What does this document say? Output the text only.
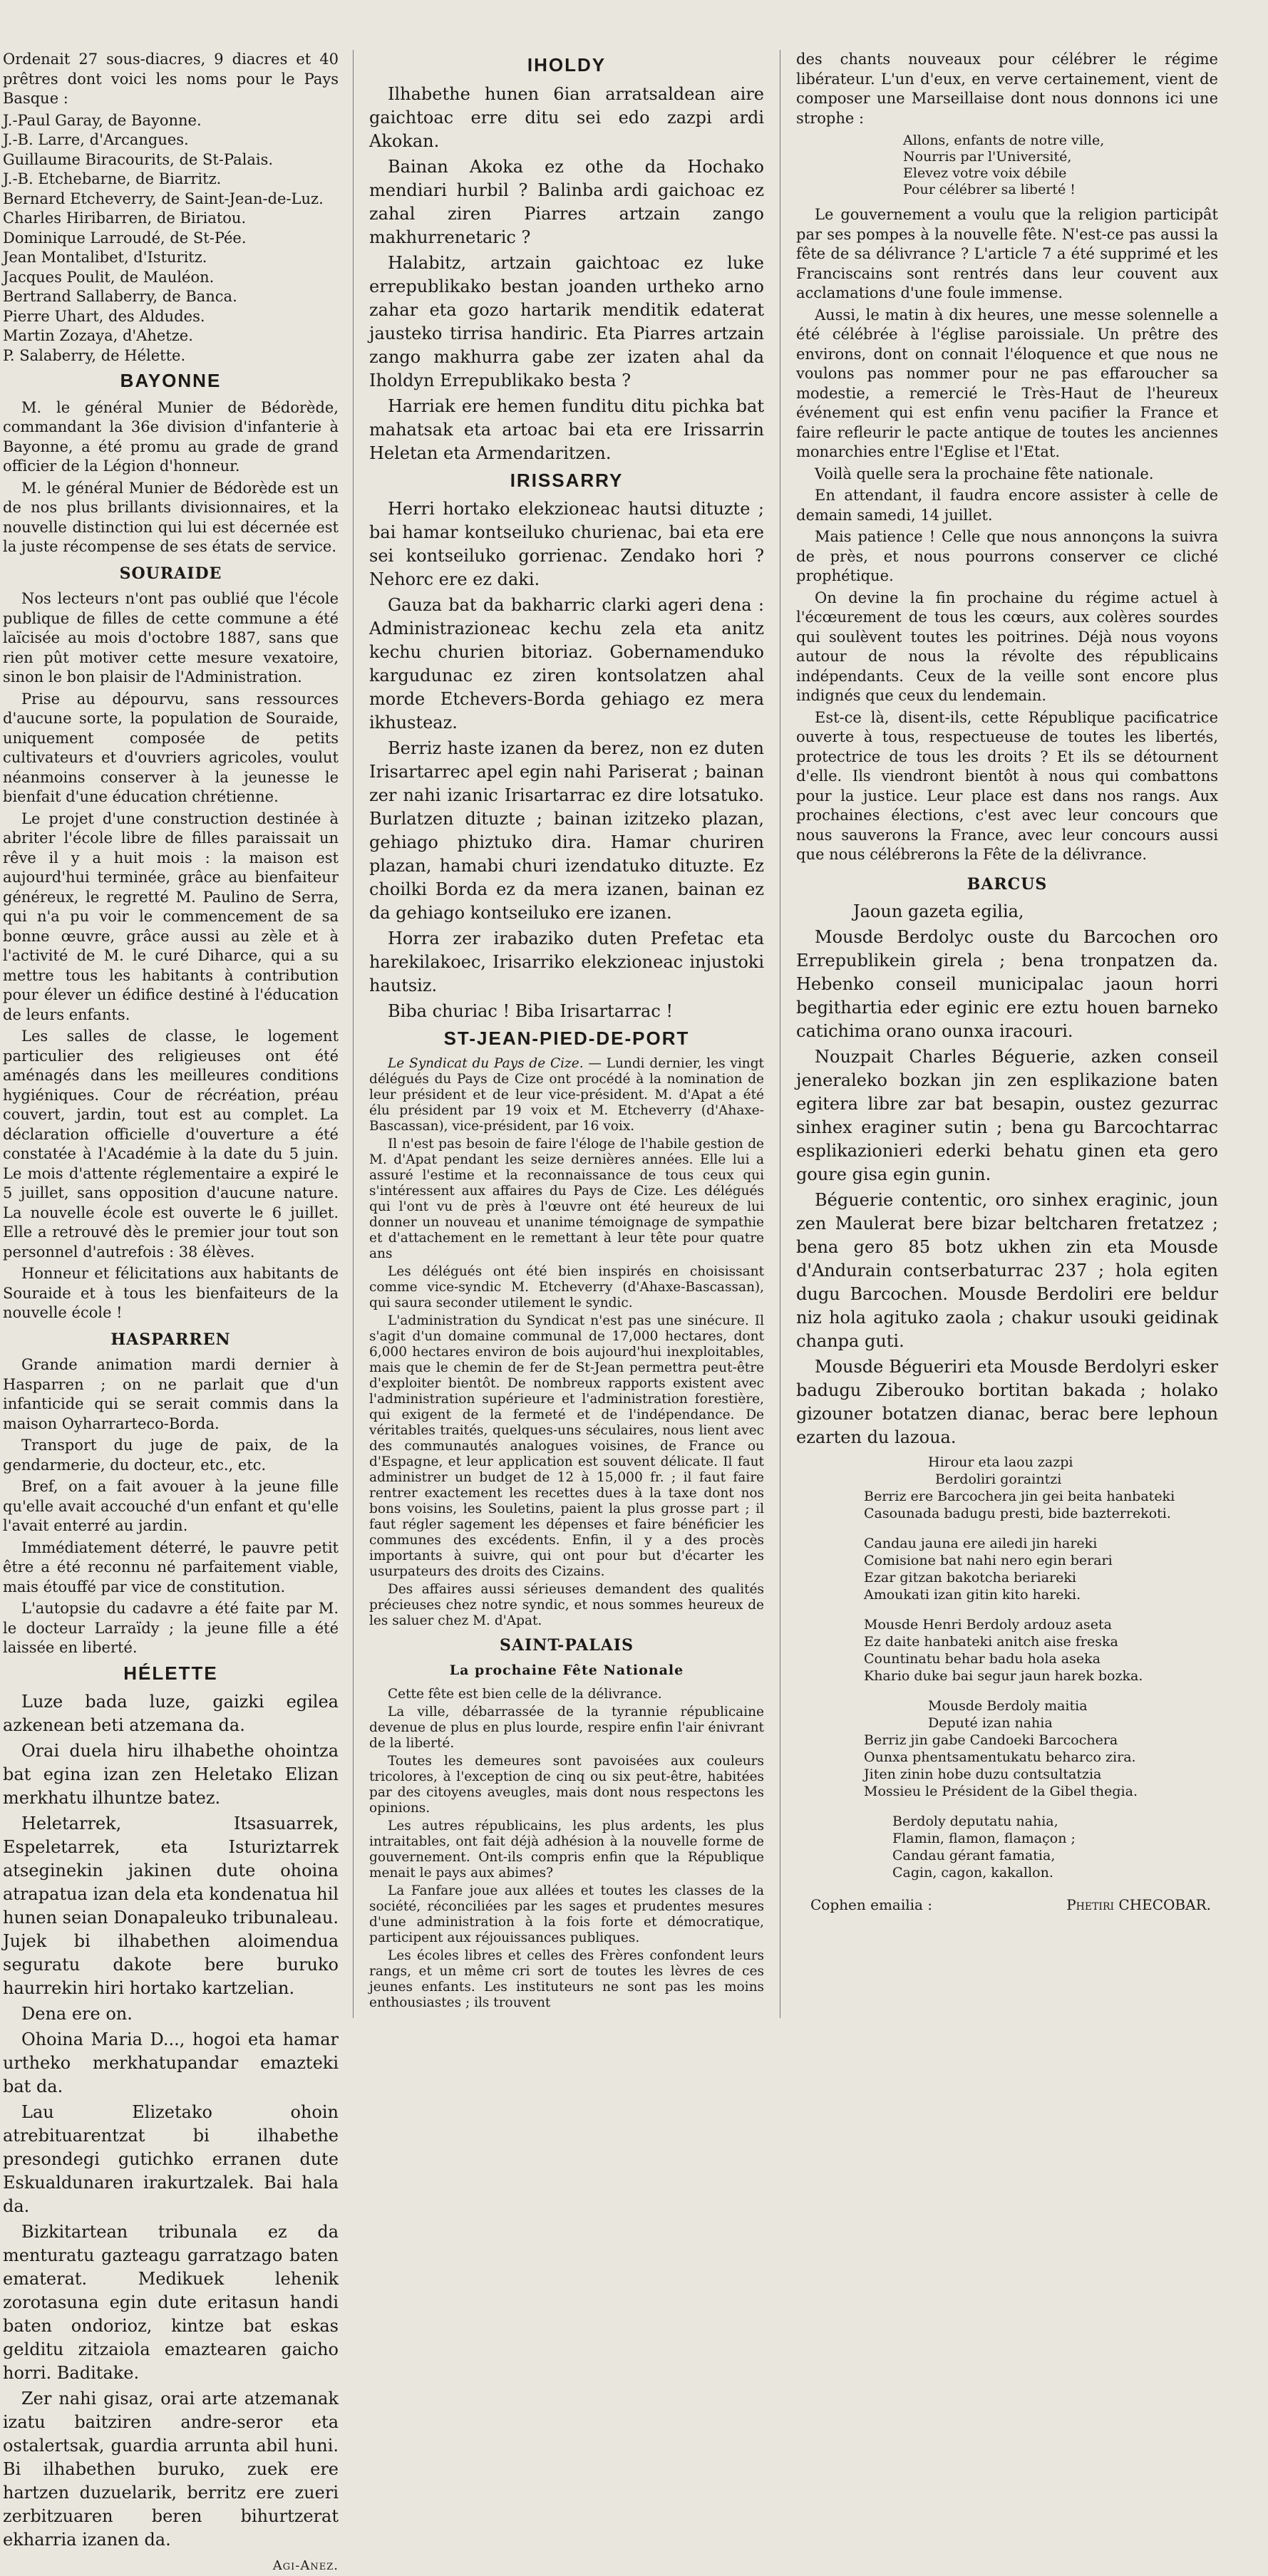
Ordenait 27 sous-diacres, 9 diacres et 40 prêtres dont voici les noms pour le Pays Basque :

J.-Paul Garay, de Bayonne.
J.-B. Larre, d'Arcangues.
Guillaume Biracourits, de St-Palais.
J.-B. Etchebarne, de Biarritz.
Bernard Etcheverry, de Saint-Jean-de-Luz.
Charles Hiribarren, de Biriatou.
Dominique Larroudé, de St-Pée.
Jean Montalibet, d'Isturitz.
Jacques Poulit, de Mauléon.
Bertrand Sallaberry, de Banca.
Pierre Uhart, des Aldudes.
Martin Zozaya, d'Ahetze.
P. Salaberry, de Hélette.
BAYONNE

M. le général Munier de Bédorède, commandant la 36e division d'infanterie à Bayonne, a été promu au grade de grand officier de la Légion d'honneur.

M. le général Munier de Bédorède est un de nos plus brillants divisionnaires, et la nouvelle distinction qui lui est décernée est la juste récompense de ses états de service.

SOURAIDE

Nos lecteurs n'ont pas oublié que l'école publique de filles de cette commune a été laïcisée au mois d'octobre 1887, sans que rien pût motiver cette mesure vexatoire, sinon le bon plaisir de l'Administration.

Prise au dépourvu, sans ressources d'aucune sorte, la population de Souraide, uniquement composée de petits cultivateurs et d'ouvriers agricoles, voulut néanmoins conserver à la jeunesse le bienfait d'une éducation chrétienne.

Le projet d'une construction destinée à abriter l'école libre de filles paraissait un rêve il y a huit mois : la maison est aujourd'hui terminée, grâce au bienfaiteur généreux, le regretté M. Paulino de Serra, qui n'a pu voir le commencement de sa bonne œuvre, grâce aussi au zèle et à l'activité de M. le curé Diharce, qui a su mettre tous les habitants à contribution pour élever un édifice destiné à l'éducation de leurs enfants.

Les salles de classe, le logement particulier des religieuses ont été aménagés dans les meilleures conditions hygiéniques. Cour de récréation, préau couvert, jardin, tout est au complet. La déclaration officielle d'ouverture a été constatée à l'Académie à la date du 5 juin. Le mois d'attente réglementaire a expiré le 5 juillet, sans opposition d'aucune nature. La nouvelle école est ouverte le 6 juillet. Elle a retrouvé dès le premier jour tout son personnel d'autrefois : 38 élèves.

Honneur et félicitations aux habitants de Souraide et à tous les bienfaiteurs de la nouvelle école !

HASPARREN

Grande animation mardi dernier à Hasparren ; on ne parlait que d'un infanticide qui se serait commis dans la maison Oyharrarteco-Borda.

Transport du juge de paix, de la gendarmerie, du docteur, etc., etc.

Bref, on a fait avouer à la jeune fille qu'elle avait accouché d'un enfant et qu'elle l'avait enterré au jardin.

Immédiatement déterré, le pauvre petit être a été reconnu né parfaitement viable, mais étouffé par vice de constitution.

L'autopsie du cadavre a été faite par M. le docteur Larraïdy ; la jeune fille a été laissée en liberté.

HÉLETTE

Luze bada luze, gaizki egilea azkenean beti atzemana da.

Orai duela hiru ilhabethe ohointza bat egina izan zen Heletako Elizan merkhatu ilhuntze batez.

Heletarrek, Itsasuarrek, Espeletarrek, eta Isturiztarrek atseginekin jakinen dute ohoina atrapatua izan dela eta kondenatua hil hunen seian Donapaleuko tribunaleau. Jujek bi ilhabethen aloimendua seguratu dakote bere buruko haurrekin hiri hortako kartzelian.

Dena ere on.

Ohoina Maria D..., hogoi eta hamar urtheko merkhatupandar emazteki bat da.

Lau Elizetako ohoin atrebituarentzat bi ilhabethe presondegi gutichko erranen dute Eskualdunaren irakurtzalek. Bai hala da.

Bizkitartean tribunala ez da menturatu gazteagu garratzago baten ematerat. Medikuek lehenik zorotasuna egin dute eritasun handi baten ondorioz, kintze bat eskas gelditu zitzaiola emaztearen gaicho horri. Baditake.

Zer nahi gisaz, orai arte atzemanak izatu baitziren andre-seror eta ostalertsak, guardia arrunta abil huni. Bi ilhabethen buruko, zuek ere hartzen duzuelarik, berritz ere zueri zerbitzuaren beren bihurtzerat ekharria izanen da.

Agi-Anez.
IHOLDY

Ilhabethe hunen 6ian arratsaldean aire gaichtoac erre ditu sei edo zazpi ardi Akokan.

Bainan Akoka ez othe da Hochako mendiari hurbil ? Balinba ardi gaichoac ez zahal ziren Piarres artzain zango makhurrenetaric ?

Halabitz, artzain gaichtoac ez luke errepublikako bestan joanden urtheko arno zahar eta gozo hartarik menditik edaterat jausteko tirrisa handiric. Eta Piarres artzain zango makhurra gabe zer izaten ahal da Iholdyn Errepublikako besta ?

Harriak ere hemen funditu ditu pichka bat mahatsak eta artoac bai eta ere Irissarrin Heletan eta Armendaritzen.

IRISSARRY

Herri hortako elekzioneac hautsi dituzte ; bai hamar kontseiluko churienac, bai eta ere sei kontseiluko gorrienac. Zendako hori ? Nehorc ere ez daki.

Gauza bat da bakharric clarki ageri dena : Administrazioneac kechu zela eta anitz kechu churien bitoriaz. Gobernamenduko kargudunac ez ziren kontsolatzen ahal morde Etchevers-Borda gehiago ez mera ikhusteaz.

Berriz haste izanen da berez, non ez duten Irisartarrec apel egin nahi Pariserat ; bainan zer nahi izanic Irisartarrac ez dire lotsatuko. Burlatzen dituzte ; bainan izitzeko plazan, gehiago phiztuko dira. Hamar churiren plazan, hamabi churi izendatuko dituzte. Ez choilki Borda ez da mera izanen, bainan ez da gehiago kontseiluko ere izanen.

Horra zer irabaziko duten Prefetac eta harekilakoec, Irisarriko elekzioneac injustoki hautsiz.

Biba churiac ! Biba Irisartarrac !

ST-JEAN-PIED-DE-PORT

Le Syndicat du Pays de Cize. — Lundi dernier, les vingt délégués du Pays de Cize ont procédé à la nomination de leur président et de leur vice-président. M. d'Apat a été élu président par 19 voix et M. Etcheverry (d'Ahaxe-Bascassan), vice-président, par 16 voix.

Il n'est pas besoin de faire l'éloge de l'habile gestion de M. d'Apat pendant les seize dernières années. Elle lui a assuré l'estime et la reconnaissance de tous ceux qui s'intéressent aux affaires du Pays de Cize. Les délégués qui l'ont vu de près à l'œuvre ont été heureux de lui donner un nouveau et unanime témoignage de sympathie et d'attachement en le remettant à leur tête pour quatre ans

Les délégués ont été bien inspirés en choisissant comme vice-syndic M. Etcheverry (d'Ahaxe-Bascassan), qui saura seconder utilement le syndic.

L'administration du Syndicat n'est pas une sinécure. Il s'agit d'un domaine communal de 17,000 hectares, dont 6,000 hectares environ de bois aujourd'hui inexploitables, mais que le chemin de fer de St-Jean permettra peut-être d'exploiter bientôt. De nombreux rapports existent avec l'administration supérieure et l'administration forestière, qui exigent de la fermeté et de l'indépendance. De véritables traités, quelques-uns séculaires, nous lient avec des communautés analogues voisines, de France ou d'Espagne, et leur application est souvent délicate. Il faut administrer un budget de 12 à 15,000 fr. ; il faut faire rentrer exactement les recettes dues à la taxe dont nos bons voisins, les Souletins, paient la plus grosse part ; il faut régler sagement les dépenses et faire bénéficier les communes des excédents. Enfin, il y a des procès importants à suivre, qui ont pour but d'écarter les usurpateurs des droits des Cizains.

Des affaires aussi sérieuses demandent des qualités précieuses chez notre syndic, et nous sommes heureux de les saluer chez M. d'Apat.

SAINT-PALAIS
La prochaine Fête Nationale

Cette fête est bien celle de la délivrance.

La ville, débarrassée de la tyrannie républicaine devenue de plus en plus lourde, respire enfin l'air énivrant de la liberté.

Toutes les demeures sont pavoisées aux couleurs tricolores, à l'exception de cinq ou six peut-être, habitées par des citoyens aveugles, mais dont nous respectons les opinions.

Les autres républicains, les plus ardents, les plus intraitables, ont fait déjà adhésion à la nouvelle forme de gouvernement. Ont-ils compris enfin que la République menait le pays aux abimes?

La Fanfare joue aux allées et toutes les classes de la société, réconciliées par les sages et prudentes mesures d'une administration à la fois forte et démocratique, participent aux réjouissances publiques.

Les écoles libres et celles des Frères confondent leurs rangs, et un même cri sort de toutes les lèvres de ces jeunes enfants. Les instituteurs ne sont pas les moins enthousiastes ; ils trouvent

des chants nouveaux pour célébrer le régime libérateur. L'un d'eux, en verve certainement, vient de composer une Marseillaise dont nous donnons ici une strophe :

Allons, enfants de notre ville,
Nourris par l'Université,
Elevez votre voix débile
Pour célébrer sa liberté !

Le gouvernement a voulu que la religion participât par ses pompes à la nouvelle fête. N'est-ce pas aussi la fête de sa délivrance ? L'article 7 a été supprimé et les Franciscains sont rentrés dans leur couvent aux acclamations d'une foule immense.

Aussi, le matin à dix heures, une messe solennelle a été célébrée à l'église paroissiale. Un prêtre des environs, dont on connait l'éloquence et que nous ne voulons pas nommer pour ne pas effaroucher sa modestie, a remercié le Très-Haut de l'heureux événement qui est enfin venu pacifier la France et faire refleurir le pacte antique de toutes les anciennes monarchies entre l'Eglise et l'Etat.

Voilà quelle sera la prochaine fête nationale.

En attendant, il faudra encore assister à celle de demain samedi, 14 juillet.

Mais patience ! Celle que nous annonçons la suivra de près, et nous pourrons conserver ce cliché prophétique.

On devine la fin prochaine du régime actuel à l'écœurement de tous les cœurs, aux colères sourdes qui soulèvent toutes les poitrines. Déjà nous voyons autour de nous la révolte des républicains indépendants. Ceux de la veille sont encore plus indignés que ceux du lendemain.

Est-ce là, disent-ils, cette République pacificatrice ouverte à tous, respectueuse de toutes les libertés, protectrice de tous les droits ? Et ils se détournent d'elle. Ils viendront bientôt à nous qui combattons pour la justice. Leur place est dans nos rangs. Aux prochaines élections, c'est avec leur concours que nous sauverons la France, avec leur concours aussi que nous célébrerons la Fête de la délivrance.

BARCUS

Jaoun gazeta egilia,

Mousde Berdolyc ouste du Barcochen oro Errepublikein girela ; bena tronpatzen da. Hebenko conseil municipalac jaoun horri begithartia eder eginic ere eztu houen barneko catichima orano ounxa iracouri.

Nouzpait Charles Béguerie, azken conseil jeneraleko bozkan jin zen esplikazione baten egitera libre zar bat besapin, oustez gezurrac sinhex eraginer sutin ; bena gu Barcochtarrac esplikazionieri ederki behatu ginen eta gero goure gisa egin gunin.

Béguerie contentic, oro sinhex eraginic, joun zen Maulerat bere bizar beltcharen fretatzez ; bena gero 85 botz ukhen zin eta Mousde d'Andurain contserbaturrac 237 ; hola egiten dugu Barcochen. Mousde Berdoliri ere beldur niz hola agituko zaola ; chakur usouki geidinak chanpa guti.

Mousde Bégueriri eta Mousde Berdolyri esker badugu Ziberouko bortitan bakada ; holako gizouner botatzen dianac, berac bere lephoun ezarten du lazoua.

Hirour eta laou zazpi
Berdoliri goraintzi
Berriz ere Barcochera jin gei beita hanbateki
Casounada badugu presti, bide bazterrekoti.
Candau jauna ere ailedi jin hareki
Comisione bat nahi nero egin berari
Ezar gitzan bakotcha beriareki
Amoukati izan gitin kito hareki.
Mousde Henri Berdoly ardouz aseta
Ez daite hanbateki anitch aise freska
Countinatu behar badu hola aseka
Khario duke bai segur jaun harek bozka.
Mousde Berdoly maitia
Deputé izan nahia
Berriz jin gabe Candoeki Barcochera
Ounxa phentsamentukatu beharco zira.
Jiten zinin hobe duzu contsultatzia
Mossieu le Président de la Gibel thegia.
Berdoly deputatu nahia,
Flamin, flamon, flamaçon ;
Candau gérant famatia,
Cagin, cagon, kakallon.
Cophen emailia :	Phetiri CHECOBAR.
